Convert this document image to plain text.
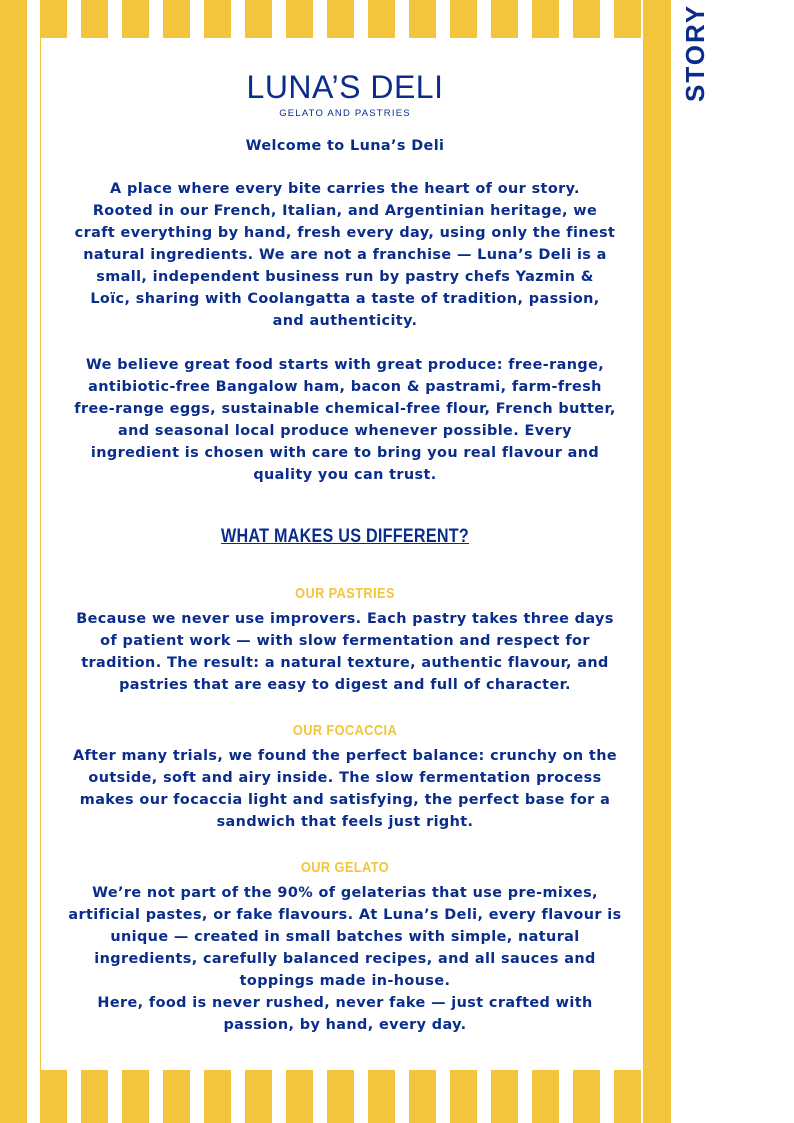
STORY
LUNA’S DELI
GELATO AND PASTRIES

Welcome to Luna’s Deli

A place where every bite carries the heart of our story.

Rooted in our French, Italian, and Argentinian heritage, we

craft everything by hand, fresh every day, using only the finest

natural ingredients. We are not a franchise — Luna’s Deli is a

small, independent business run by pastry chefs Yazmin &

Loïc, sharing with Coolangatta a taste of tradition, passion,

and authenticity.

We believe great food starts with great produce: free-range,

antibiotic-free Bangalow ham, bacon & pastrami, farm-fresh

free-range eggs, sustainable chemical-free flour, French butter,

and seasonal local produce whenever possible. Every

ingredient is chosen with care to bring you real flavour and

quality you can trust.

WHAT MAKES US DIFFERENT?

OUR PASTRIES

Because we never use improvers. Each pastry takes three days

of patient work — with slow fermentation and respect for

tradition. The result: a natural texture, authentic flavour, and

pastries that are easy to digest and full of character.

OUR FOCACCIA

After many trials, we found the perfect balance: crunchy on the

outside, soft and airy inside. The slow fermentation process

makes our focaccia light and satisfying, the perfect base for a

sandwich that feels just right.

OUR GELATO

We’re not part of the 90% of gelaterias that use pre-mixes,

artificial pastes, or fake flavours. At Luna’s Deli, every flavour is

unique — created in small batches with simple, natural

ingredients, carefully balanced recipes, and all sauces and

toppings made in-house.

Here, food is never rushed, never fake — just crafted with

passion, by hand, every day.
